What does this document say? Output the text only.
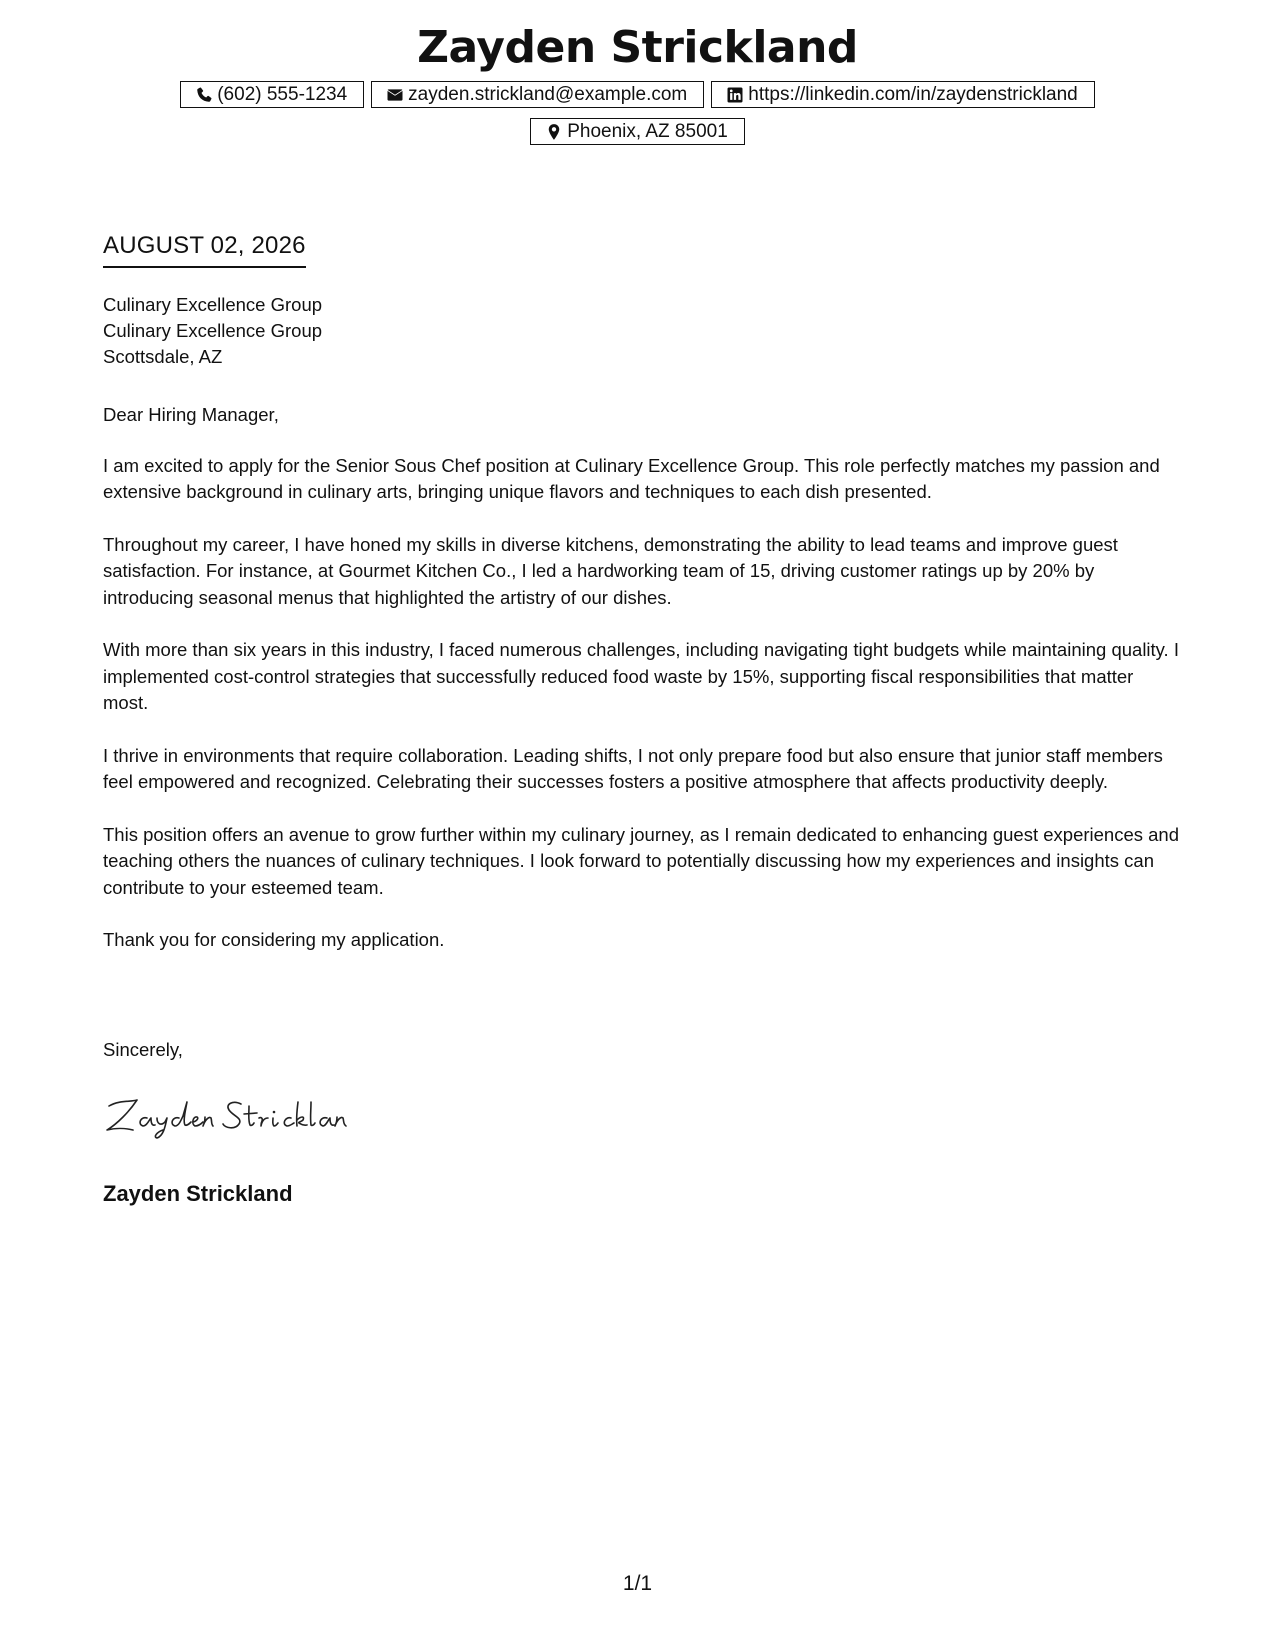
Zayden Strickland
(602) 555-1234	zayden.strickland@example.com	https://linkedin.com/in/zaydenstrickland
Phoenix, AZ 85001
AUGUST 02, 2026
Culinary Excellence Group
Culinary Excellence Group
Scottsdale, AZ
Dear Hiring Manager,

I am excited to apply for the Senior Sous Chef position at Culinary Excellence Group. This role perfectly matches my passion and extensive background in culinary arts, bringing unique flavors and techniques to each dish presented.

Throughout my career, I have honed my skills in diverse kitchens, demonstrating the ability to lead teams and improve guest satisfaction. For instance, at Gourmet Kitchen Co., I led a hardworking team of 15, driving customer ratings up by 20% by introducing seasonal menus that highlighted the artistry of our dishes.

With more than six years in this industry, I faced numerous challenges, including navigating tight budgets while maintaining quality. I implemented cost-control strategies that successfully reduced food waste by 15%, supporting fiscal responsibilities that matter most.

I thrive in environments that require collaboration. Leading shifts, I not only prepare food but also ensure that junior staff members feel empowered and recognized. Celebrating their successes fosters a positive atmosphere that affects productivity deeply.

This position offers an avenue to grow further within my culinary journey, as I remain dedicated to enhancing guest experiences and teaching others the nuances of culinary techniques. I look forward to potentially discussing how my experiences and insights can contribute to your esteemed team.

Thank you for considering my application.

Sincerely,
Zayden Strickland
1/1
